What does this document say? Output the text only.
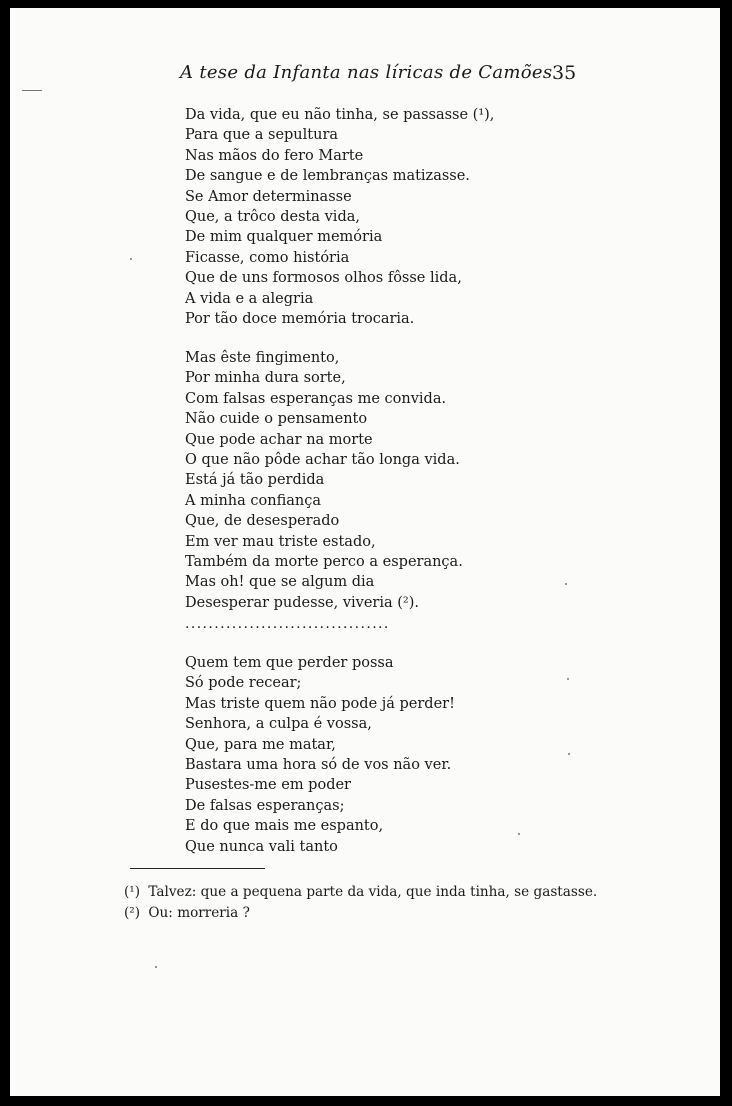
A tese da Infanta nas líricas de Camões 35
Da vida, que eu não tinha, se passasse (¹),
Para que a sepultura
Nas mãos do fero Marte
De sangue e de lembranças matizasse.
Se Amor determinasse
Que, a trôco desta vida,
De mim qualquer memória
Ficasse, como história
Que de uns formosos olhos fôsse lida,
A vida e a alegria
Por tão doce memória trocaria.
Mas êste fingimento,
Por minha dura sorte,
Com falsas esperanças me convida.
Não cuide o pensamento
Que pode achar na morte
O que não pôde achar tão longa vida.
Está já tão perdida
A minha confiança
Que, de desesperado
Em ver mau triste estado,
Também da morte perco a esperança.
Mas oh! que se algum dia
Desesperar pudesse, viveria (²).
...................................
Quem tem que perder possa
Só pode recear;
Mas triste quem não pode já perder!
Senhora, a culpa é vossa,
Que, para me matar,
Bastara uma hora só de vos não ver.
Pusestes-me em poder
De falsas esperanças;
E do que mais me espanto,
Que nunca vali tanto
(¹) Talvez: que a pequena parte da vida, que inda tinha, se gastasse.
(²) Ou: morreria ?
